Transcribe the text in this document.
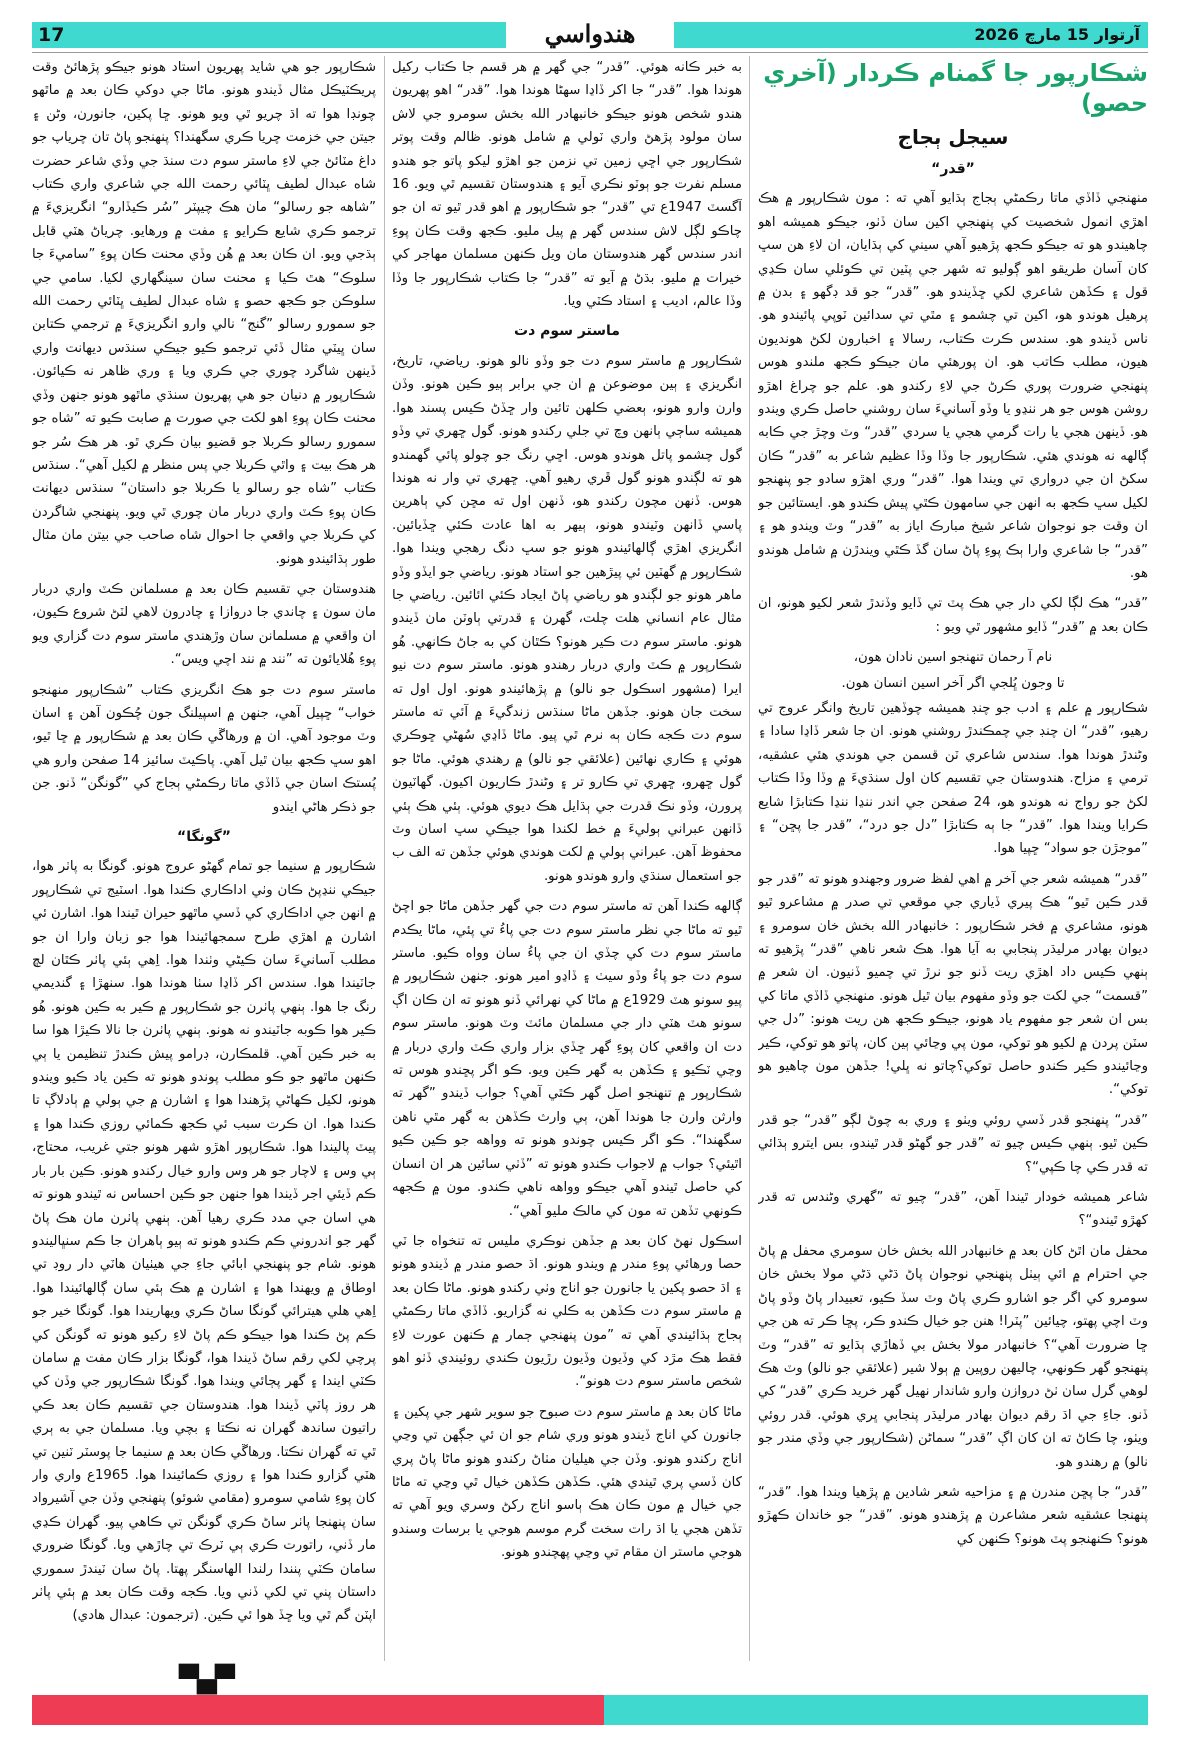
17	هندواسي	آرتوار 15 مارچ 2026
شڪارپور جا گمنام ڪردار (آخري حصو)
سيجل ٻجاج

”قدر“

منهنجي ڏاڏي ماتا رڪمڻي ٻجاج ٻڌايو آهي ته : مون شڪارپور ۾ هڪ اهڙي انمول شخصيت کي پنهنجي اکين سان ڏٺو، جيڪو هميشه اهو چاهيندو هو ته جيڪو ڪجھ پڙهيو آهي سيني کي ٻڌايان، ان لاءِ هن سڀ کان آسان طريقو اهو ڳوليو ته شهر جي پٽين تي ڪوئلي سان ڪڍي قول ۽ ڪڏهن شاعري لکي ڇڏيندو هو. ”قدر“ جو قد ڊگهو ۽ بدن ۾ پرهيل هوندو هو، اکين تي چشمو ۽ مٿي تي سدائين ٽوپي پائيندو هو. ناس ڏيندو هو. سندس ڪرت ڪتاب، رسالا ۽ اخبارون لکڻ هونديون هيون، مطلب ڪاتب هو. ان پورهئي مان جيڪو ڪجھ ملندو هوس پنهنجي ضرورت پوري ڪرڻ جي لاءِ رکندو هو. علم جو چراغ اهڙو روشن هوس جو هر ننڍو يا وڏو آسانيءَ سان روشني حاصل ڪري ويندو هو. ڏينهن هجي يا رات گرمي هجي يا سردي ”قدر“ وٽ وچڙ جي ڪابه ڳالهه نه هوندي هئي. شڪارپور جا وڏا وڏا عظيم شاعر به ”قدر“ ڪان سکڻ ان جي درواري تي ويندا هوا. ”قدر“ وري اهڙو سادو جو پنهنجو لکيل سڀ ڪجھ به انهن جي سامهون ڪٿي پيش ڪندو هو. ايستائين جو ان وقت جو نوجوان شاعر شيخ مبارڪ اياز به ”قدر“ وٽ ويندو هو ۽ ”قدر“ جا شاعري وارا ٻڪ پوءِ پاڻ سان گڏ ڪٿي ويندڙن ۾ شامل هوندو هو.

”قدر“ هڪ لڳا لکي دار جي هڪ پٽ تي ڏايو وڏندڙ شعر لکيو هونو، ان ڪان بعد ۾ ”قدر“ ڏايو مشهور ٿي ويو :

نام آ رحمان تنهنجو اسين نادان هون،

تا وجون ڀُلجي اگر آخر اسين انسان هون.

شڪارپور ۾ علم ۽ ادب جو چنڊ هميشه چوڏهين تاريخ وانگر عروج تي رهيو، ”قدر“ ان چنڊ جي چمڪندڙ روشني هونو. ان جا شعر ڏاڍا سادا ۽ وڻندڙ هوندا هوا. سندس شاعري ٽن قسمن جي هوندي هئي عشقيه، ترمي ۽ مزاح. هندوستان جي تقسيم کان اول سنڌيءَ ۾ وڏا وڏا ڪتاب لکڻ جو رواج نه هوندو هو، 24 صفحن جي اندر ننڍا ننڍا ڪتابڙا شايع ڪرايا ويندا هوا. ”قدر“ جا ٻه ڪتابڙا ”دل جو درد“، ”قدر جا پڇن“ ۽ ”موجڙن جو سواد“ ڇپيا هوا.

”قدر“ هميشه شعر جي آخر ۾ اهي لفظ ضرور وجهندو هونو ته ”قدر جو قدر ڪين ٿيو“ هڪ پيري ڏياري جي موقعي تي صدر ۾ مشاعرو ٿيو هونو، مشاعري ۾ فخر شڪارپور : خانبهادر الله بخش خان سومرو ۽ ديوان بهادر مرليڌر پنجابي به آيا هوا. هڪ شعر ناهي ”قدر“ پڙهيو ته ٻنهي ڪيس داد اهڙي ريت ڏنو جو نرڙ تي چميو ڏنيون. ان شعر ۾ ”قسمت“ جي لکت جو وڏو مفهوم بيان ٿيل هونو. منهنجي ڏاڏي ماتا کي بس ان شعر جو مفهوم ياد هونو، جيڪو ڪجھ هن ريت هونو: ”دل جي سٽن پردن ۾ لکيو هو توکي، مون پي وڃائي ٻين کان، پاتو هو توکي، ڪير وڃائيندو ڪير ڪندو حاصل توکي؟چاتو نه ڀلي! جڏهن مون چاهيو هو توکي“.

”قدر“ پنهنجو قدر ڏسي روئي ويٺو ۽ وري به چوڻ لڳو ”قدر“ جو قدر ڪين ٿيو. ٻنهي ڪيس چيو ته ”قدر جو گهڻو قدر ٿيندو، بس ايترو ٻڌائي ته قدر ڪي چا ڪپي“؟

شاعر هميشه خودار ٿيندا آهن، ”قدر“ چيو ته ”گهري وڻندس ته قدر کهڙو ٿيندو“؟

محفل مان اٿڻ کان بعد ۾ خانبهادر الله بخش خان سومري محفل ۾ پاڻ جي احترام ۾ ائي ٻيٺل پنهنجي نوجوان پاڻ ڌڻي ڌڻي مولا بخش خان سومرو کي اگر جو اشارو ڪري پاڻ وٽ سڏ ڪيو، تعبيدار پاڻ وڏو پاڻ وٽ اچي پهتو، چيائين ”پٽرا! هنن جو خيال ڪندو ڪر، پڇا ڪر ته هن جي ڇا ضرورت آهي“؟ خانبهادر مولا بخش بي ڏهاڙي ٻڌايو ته ”قدر“ وٽ پنهنجو گهر ڪونهي، چاليهن روپين ۾ ٻولا شير (علائقي جو نالو) وٽ هڪ لوهي گرل سان ٺڻ دروازن وارو شاندار نهيل گهر خريد ڪري ”قدر“ کي ڏنو. جاءِ جي اڌ رقم ديوان بهادر مرليڌر پنجابي ڀري هوئي. قدر روئي ويٺو، چا ڪاڻ ته ان کان اڳ ”قدر“ سماڻن (شڪارپور جي وڏي مندر جو نالو) ۾ رهندو هو.

”قدر“ جا پڇن مندرن ۾ ۽ مزاحيه شعر شادين ۾ پڙهيا ويندا هوا. ”قدر“ پنهنجا عشقيه شعر مشاعرن ۾ پڙهندو هونو. ”قدر“ جو خاندان ڪهڙو هونو؟ ڪنهنجو پٽ هونو؟ ڪنهن کي

به خبر ڪانه هوئي. ”قدر“ جي گهر ۾ هر قسم جا ڪتاب رکيل هوندا هوا. ”قدر“ جا اکر ڏاڍا سهڻا هوندا هوا. ”قدر“ اهو پهريون هندو شخص هونو جيڪو خانبهادر الله بخش سومرو جي لاش سان مولود پڙهڻ واري ٽولي ۾ شامل هونو. ظالم وقت پوتر شڪارپور جي اڇي زمين تي نزمن جو اهڙو ليکو پاتو جو هندو مسلم نفرت جو ٻوٽو نڪري آيو ۽ هندوستان تقسيم ٿي ويو. 16 آگسٽ 1947ع تي ”قدر“ جو شڪارپور ۾ اهو قدر ٿيو ته ان جو چاڪو لڳل لاش سندس گهر ۾ پيل مليو. ڪجھ وقت ڪان پوءِ اندر سندس گهر هندوستان مان ويل ڪنهن مسلمان مهاجر کي خيرات ۾ مليو. بڌڻ ۾ آيو ته ”قدر“ جا ڪتاب شڪارپور جا وڏا وڏا عالم، اديب ۽ استاد ڪٽي ويا.

ماستر سوم دت

شڪارپور ۾ ماستر سوم دت جو وڏو نالو هونو. رياضي، تاريخ، انگريزي ۽ ٻين موضوعن ۾ ان جي برابر ٻيو ڪين هونو. وڏن وارن وارو هونو، ٻعضي ڪلهن تائين وار ڇڏڻ ڪيس پسند هوا. هميشه ساڄي ٻانهن وچ تي جلي رکندو هونو. گول ڇهري تي وڏو گول چشمو پاتل هوندو هوس. اڇي رنگ جو چولو پائي گهمندو هو ته لڳندو هونو گول ڦري رهيو آهي. ڇهري تي وار نه هوندا هوس. ڏنهن مچون رکندو هو، ڏنهن اول ته مڇن کي ٻاهرين پاسي ڏانهن وٽيندو هونو، ٻيهر به اها عادت ڪئي ڇڏيائين. انگريزي اهڙي ڳالهائيندو هونو جو سڀ دنگ رهجي ويندا هوا. شڪارپور ۾ گهٽين ئي پيڙهين جو استاد هونو. رياضي جو ايڏو وڏو ماهر هونو جو لڳندو هو رياضي پاڻ ايجاد ڪئي ائائين. رياضي جا مثال عام انساني هلت چلت، گهرن ۽ قدرتي ٻاوٽن مان ڏيندو هونو. ماستر سوم دت ڪير هونو؟ ڪٿان کي به جاڻ ڪانهي. هُو شڪارپور ۾ ڪٽ واري دربار رهندو هونو. ماستر سوم دت نيو ايرا (مشهور اسڪول جو نالو) ۾ پڙهائيندو هونو. اول اول ته سخت جان هونو. جڏهن ماڻا سنڌس زندگيءَ ۾ آئي ته ماستر سوم دت ڪجه ڪان ٻه نرم ٿي پيو. ماڻا ڏاڍي سُهڻي ڇوڪري هوئي ۽ ڪاري نهائين (علائقي جو نالو) ۾ رهندي هوئي. ماڻا جو گول ڇهرو، ڇهري تي ڪارو تر ۽ وڻندڙ ڪاريون اکيون. گهاٽيون پرورن، وڏو نڪ قدرت جي ٻڌايل هڪ ديوي هوئي. ٻئي هڪ ٻئي ڏانهن عبراني ٻوليءَ ۾ خط لکندا هوا جيڪي سڀ اسان وٽ محفوظ آهن. عبراني ٻولي ۾ لکت هوندي هوئي جڏهن ته الف ب جو استعمال سنڌي وارو هوندو هونو.

ڳالهه ڪندا آهن ته ماستر سوم دت جي گهر جڏهن ماڻا جو اچڻ ٿيو ته ماڻا جي نظر ماستر سوم دت جي پاءُ تي پئي، ماڻا يڪدم ماستر سوم دت کي چڏي ان جي پاءُ سان وواه ڪيو. ماستر سوم دت جو پاءُ وڏو سيٺ ۽ ڏاڍو امير هونو. جنهن شڪارپور ۾ پيو سونو هٽ 1929ع ۾ ماڻا کي نهرائي ڏنو هونو ته ان ڪان اڳ سونو هٽ هٽي دار جي مسلمان مائٽ وٽ هونو. ماستر سوم دت ان واقعي کان پوءِ گهر ڇڏي بزار واري ڪٽ واري دربار ۾ وڃي ٽڪيو ۽ ڪڏهن به گهر ڪين ويو. ڪو اگر پڇندو هوس ته شڪارپور ۾ تنهنجو اصل گهر ڪٿي آهي؟ جواب ڏيندو ”گهر ته وارثن وارن جا هوندا آهن، ٻي وارث ڪڏهن به گهر مٿي ناهن سگهندا“. ڪو اگر ڪيس چوندو هونو ته وواهه جو ڪين ڪيو اٿيئي؟ جواب ۾ لاجواب ڪندو هونو ته ”ڏٺي سائين هر ان انسان کي حاصل ٿيندو آهي جيڪو وواهه ناهي ڪندو. مون ۾ ڪجهه ڪونهي تڏهن ته مون کي مالڪ مليو آهي“.

اسڪول نهڻ کان بعد ۾ جڏهن نوڪري مليس ته تنخواه جا ٽي حصا ورهائي پوءِ مندر ۾ ويندو هونو. اڌ حصو مندر ۾ ڏيندو هونو ۽ اڌ حصو پکين يا جانورن جو اناج وٺي رکندو هونو. ماڻا ڪان بعد ۾ ماستر سوم دت ڪڏهن به ڪلي نه گزاريو. ڏاڏي ماتا رڪمڻي ٻجاج ٻڌائيندي آهي ته ”مون پنهنجي ڄمار ۾ ڪنهن عورت لاءِ فقط هڪ مڙد کي وڏيون وڏيون رڙيون ڪندي روئيندي ڏٺو اهو شخص ماستر سوم دت هونو“.

ماڻا کان بعد ۾ ماستر سوم دت صبوح جو سوير شهر جي پکين ۽ جانورن کي اناج ڏيندو هونو وري شام جو ان ئي جڳهن تي وڃي اناج رکندو هونو. وڏن جي هيليان مٺاڻ رکندو هونو ماڻا پاڻ پري کان ڏسي پري ٿيندي هئي. ڪڏهن ڪڏهن خيال ٿي وڃي ته ماڻا جي خيال ۾ مون ڪان هڪ ٻاسو اناج رکڻ وسري ويو آهي ته تڏهن هجي يا اڌ رات سخت گرم موسم هوجي يا برسات وسندو هوجي ماستر ان مقام تي وڃي پهچندو هونو.

شڪارپور جو هي شايد پهريون استاد هونو جيڪو پڙهائڻ وقت پريڪٽيڪل مثال ڏيندو هونو. ماڻا جي دوکي ڪان بعد ۾ ماٿهو چونڊا هوا ته اڌ چريو ٿي ويو هونو. ڇا پکين، جانورن، وڻن ۽ جيتن جي خزمت چريا ڪري سگهندا؟ پنهنجو پاڻ تان چرياپ جو داغ مٽائڻ جي لاءِ ماستر سوم دت سنڌ جي وڏي شاعر حضرت شاه عبدال لطيف ڀٽائي رحمت الله جي شاعري واري ڪتاب ”شاهه جو رسالو“ مان هڪ چيپٽر ”سُر ڪيڏارو“ انگريزيءَ ۾ ترجمو ڪري شايع ڪرايو ۽ مفت ۾ ورهايو. چرياڻ هٽي قابل ٻڌجي ويو. ان ڪان بعد ۾ هُن وڏي محنت ڪان پوءِ ”ساميءَ جا سلوڪ“ هٿ ڪيا ۽ محنت سان سينگهاري لکيا. سامي جي سلوڪن جو ڪجھ حصو ۽ شاه عبدال لطيف ڀٽائي رحمت الله جو سمورو رسالو ”گنج“ نالي وارو انگريزيءَ ۾ ترجمي ڪتابن سان ڀيٽي مثال ڏئي ترجمو ڪيو جيڪي سنڌس ديهانت واري ڏينهن شاگرد چوري جي ڪري ويا ۽ وري ظاهر نه ڪيائون. شڪارپور ۾ دنيان جو هي پهريون سنڌي ماٿهو هونو جنهن وڏي محنت ڪان پوءِ اهو لکت جي صورت ۾ صابت ڪيو ته ”شاه جو سمورو رسالو ڪربلا جو قضيو بيان ڪري ٿو. هر هڪ سُر جو هر هڪ بيت ۽ واٿي ڪربلا جي پس منظر ۾ لکيل آهي“. سنڌس ڪتاب ”شاه جو رسالو يا ڪربلا جو داستان“ سنڌس ديهانت ڪان پوءِ ڪٽ واري دربار مان چوري ٿي ويو. پنهنجي شاگردن کي ڪربلا جي واقعي جا احوال شاه صاحب جي بيتن مان مثال طور ٻڌائيندو هونو.

هندوستان جي تقسيم ڪان بعد ۾ مسلمانن ڪٽ واري دربار مان سون ۽ چاندي جا دروازا ۽ چادرون لاهي لٽڻ شروع ڪيون، ان واقعي ۾ مسلمانن سان وڙهندي ماستر سوم دت گزاري ويو پوءِ هُلايائون ته ”نند ۾ نند اچي ويس“.

ماستر سوم دت جو هڪ انگريزي ڪتاب ”شڪارپور منهنجو خواب“ ڇپيل آهي، جنهن ۾ اسپيلنگ جون چُڪون آهن ۽ اسان وٽ موجود آهي. ان ۾ ورهاڱي ڪان بعد ۾ شڪارپور ۾ ڇا ٿيو، اهو سڀ ڪجھ بيان ٿيل آهي. پاڪيٽ سائيز 14 صفحن وارو هي پُستڪ اسان جي ڏاڏي ماتا رڪمڻي ٻجاج کي ”گونگن“ ڏنو. جن جو ذڪر هاڻي ايندو

”گونگا“

شڪارپور ۾ سنيما جو تمام گهڻو عروج هونو. گونگا به پاٺر هوا، جيڪي ننڍپڻ ڪان وٺي اداڪاري ڪندا هوا. اسٽيج تي شڪارپور ۾ انهن جي اداڪاري کي ڏسي ماٿهو حيران ٿيندا هوا. اشارن ئي اشارن ۾ اهڙي طرح سمجهائيندا هوا جو زبان وارا ان جو مطلب آسانيءَ سان ڪيڻي وٺندا هوا. اِهي ٻئي پاٺر ڪٿان لڇ جاٽيندا هوا. سندس اکر ڏاڍا سٺا هوندا هوا. سنهڙا ۽ گنديمي رنگ جا هوا. ٻنهي پاٺرن جو شڪارپور ۾ ڪير به ڪين هونو. هُو ڪير هوا ڪوبه جاٽيندو نه هونو. ٻنهي پاٺرن جا نالا ڪيڙا هوا سا به خبر ڪين آهي. قلمڪارن، ڊرامو پيش ڪندڙ تنظيمن يا ٻي ڪنهن ماٿهو جو ڪو مطلب پوندو هونو ته ڪين ياد ڪيو ويندو هونو، لکيل ڪهاڻي پڙهندا هوا ۽ اشارن ۾ جي ٻولي ۾ ٻادلاڳ تا ڪندا هوا. ان ڪرت سبب ئي ڪجھ ڪمائي روزي ڪندا هوا ۽ پيٽ پاليندا هوا. شڪارپور اهڙو شهر هونو جتي غريب، محتاج، ٻي وس ۽ لاچار جو هر وس وارو خيال رکندو هونو. ڪين بار بار ڪم ڏيئي اجر ڏيندا هوا جنهن جو ڪين احساس نه ٿيندو هونو ته هي اسان جي مدد ڪري رهيا آهن. ٻنهي پاٺرن مان هڪ پاڻ گهر جو اندروني ڪم ڪندو هونو ته ٻيو ٻاهران جا ڪم سنڀاليندو هونو. شام جو پنهنجي ابائي جاءِ جي هيٺيان هاٽي دار روڊ تي اوطاق ۾ ويهندا هوا ۽ اشارن ۾ هڪ ٻئي سان ڳالهائيندا هوا. اِهي هلي هيترائي گونگا ساڻ ڪري ويهاريندا هوا. گونگا خير جو ڪم پڻ ڪندا هوا جيڪو ڪم پاڻ لاءِ رکيو هونو ته گونگن کي پرچي لکي رقم ساڻ ڏيندا هوا، گونگا بزار ڪان مفت ۾ سامان ڪٽي ايندا ۽ گهر پڄائي ويندا هوا. گونگا شڪارپور جي وڏن کي هر روز پاٽي ڏيندا هوا. هندوستان جي تقسيم ڪان بعد ڪي راتيون ساندھ گهران نه نڪتا ۽ بچي ويا. مسلمان جي به ٻري ٿي ته گهران نڪتا. ورهاڱي ڪان بعد ۾ سنيما جا پوسٽر ٽنين تي هٽي گزارو ڪندا هوا ۽ روزي ڪمائيندا هوا. 1965ع واري وار کان پوءِ شامي سومرو (مقامي شوئو) پنهنجي وڏن جي آشيرواد سان پنهنجا پاٺر ساڻ ڪري گونگن تي ڪاهي پيو. گهران ڪڍي مار ڏني، راتورت ڪري ٻي ٽرڪ تي چاڙهي ويا. گونگا ضروري سامان ڪٽي پنندا رلندا الهاسنگر پهتا. پاڻ سان ٽيندڙ سموري داستان پني تي لکي ڏني ويا. ڪجه وقت ڪان بعد ۾ ٻئي پاٺر اپٽن گم ٿي ويا ڇڏ هوا ئي ڪين. (ترجمون: عبدال هادي)

▀▄▀
